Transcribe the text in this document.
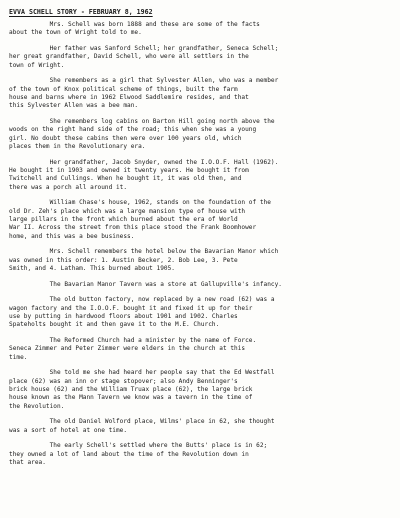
EVVA SCHELL STORY - FEBRUARY 8, 1962
Mrs. Schell was born 1888 and these are some of the facts
about the town of Wright told to me.
Her father was Sanford Schell; her grandfather, Seneca Schell;
her great grandfather, David Schell, who were all settlers in the
town of Wright.
She remembers as a girl that Sylvester Allen, who was a member
of the town of Knox political scheme of things, built the farm
house and barns where in 1962 Elwood Saddlemire resides, and that
this Sylvester Allen was a bee man.
She remembers log cabins on Barton Hill going north above the
woods on the right hand side of the road; this when she was a young
girl. No doubt these cabins then were over 100 years old, which
places them in the Revolutionary era.
Her grandfather, Jacob Snyder, owned the I.O.O.F. Hall (1962).
He bought it in 1903 and owned it twenty years. He bought it from
Twitchell and Cullings. When he bought it, it was old then, and
there was a porch all around it.
William Chase's house, 1962, stands on the foundation of the
old Dr. Zeh's place which was a large mansion type of house with
large pillars in the front which burned about the era of World
War II. Across the street from this place stood the Frank Boomhower
home, and this was a bee business.
Mrs. Schell remembers the hotel below the Bavarian Manor which
was owned in this order: 1. Austin Becker, 2. Bob Lee, 3. Pete
Smith, and 4. Latham. This burned about 1905.
The Bavarian Manor Tavern was a store at Gallupville's infancy.
The old button factory, now replaced by a new road (62) was a
wagon factory and the I.O.O.F. bought it and fixed it up for their
use by putting in hardwood floors about 1901 and 1902. Charles
Spateholts bought it and then gave it to the M.E. Church.
The Reformed Church had a minister by the name of Force.
Seneca Zimmer and Peter Zimmer were elders in the church at this
time.
She told me she had heard her people say that the Ed Westfall
place (62) was an inn or stage stopover; also Andy Benninger's
brick house (62) and the William Truax place (62), the large brick
house known as the Mann Tavern we know was a tavern in the time of
the Revolution.
The old Daniel Wolford place, Wilms' place in 62, she thought
was a sort of hotel at one time.
The early Schell's settled where the Butts' place is in 62;
they owned a lot of land about the time of the Revolution down in
that area.
